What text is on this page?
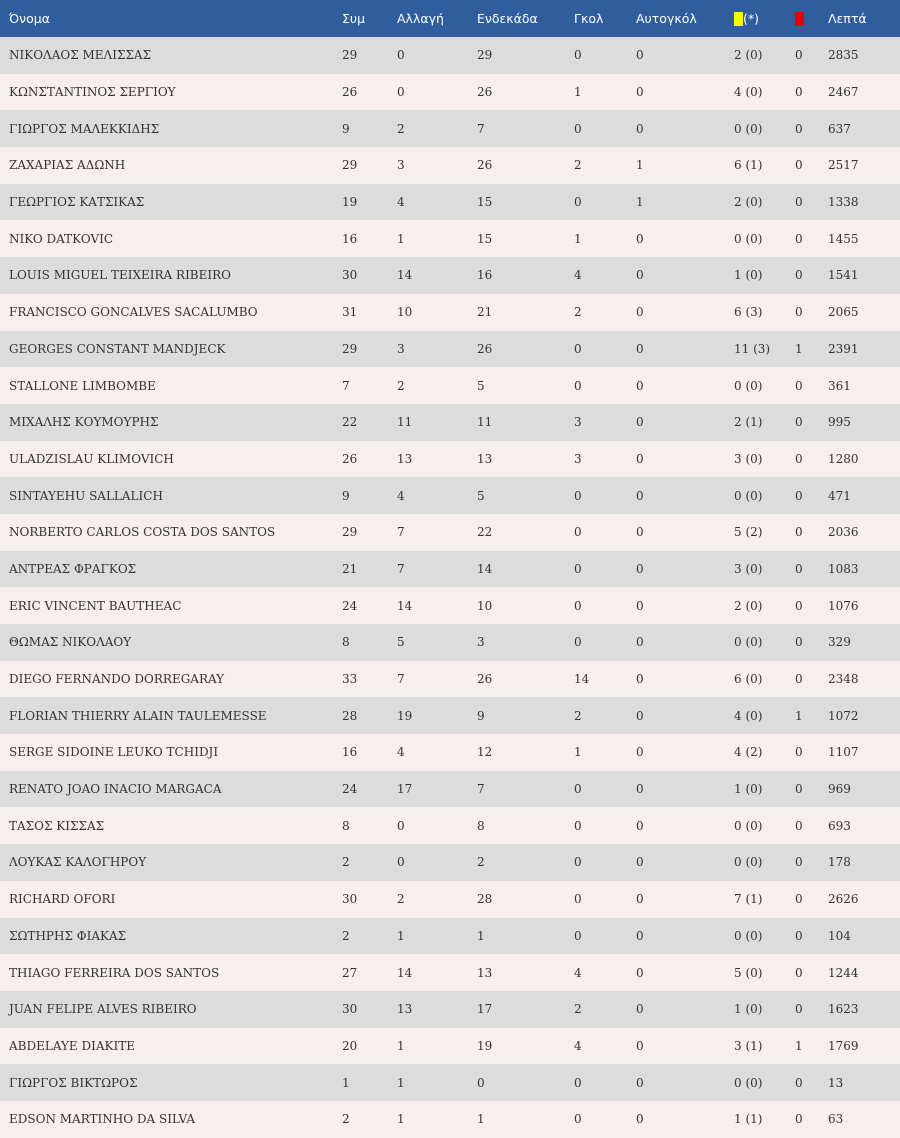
Όνομα	Συμ	Αλλαγή	Ενδεκάδα	Γκολ	Αυτογκόλ	(*)		Λεπτά
ΝΙΚΟΛΑΟΣ ΜΕΛΙΣΣΑΣ	29	0	29	0	0	2 (0)	0	2835
ΚΩΝΣΤΑΝΤΙΝΟΣ ΣΕΡΓΙΟΥ	26	0	26	1	0	4 (0)	0	2467
ΓΙΩΡΓΟΣ ΜΑΛΕΚΚΙΔΗΣ	9	2	7	0	0	0 (0)	0	637
ΖΑΧΑΡΙΑΣ ΑΔΩΝΗ	29	3	26	2	1	6 (1)	0	2517
ΓΕΩΡΓΙΟΣ ΚΑΤΣΙΚΑΣ	19	4	15	0	1	2 (0)	0	1338
NIKO DATKOVIC	16	1	15	1	0	0 (0)	0	1455
LOUIS MIGUEL TEIXEIRA RIBEIRO	30	14	16	4	0	1 (0)	0	1541
FRANCISCO GONCALVES SACALUMBO	31	10	21	2	0	6 (3)	0	2065
GEORGES CONSTANT MANDJECK	29	3	26	0	0	11 (3)	1	2391
STALLONE LIMBOMBE	7	2	5	0	0	0 (0)	0	361
ΜΙΧΑΛΗΣ ΚΟΥΜΟΥΡΗΣ	22	11	11	3	0	2 (1)	0	995
ULADZISLAU KLIMOVICH	26	13	13	3	0	3 (0)	0	1280
SINTAYEHU SALLALICH	9	4	5	0	0	0 (0)	0	471
NORBERTO CARLOS COSTA DOS SANTOS	29	7	22	0	0	5 (2)	0	2036
ΑΝΤΡΕΑΣ ΦΡΑΓΚΟΣ	21	7	14	0	0	3 (0)	0	1083
ERIC VINCENT BAUTHEAC	24	14	10	0	0	2 (0)	0	1076
ΘΩΜΑΣ ΝΙΚΟΛΑΟΥ	8	5	3	0	0	0 (0)	0	329
DIEGO FERNANDO DORREGARAY	33	7	26	14	0	6 (0)	0	2348
FLORIAN THIERRY ALAIN TAULEMESSE	28	19	9	2	0	4 (0)	1	1072
SERGE SIDOINE LEUKO TCHIDJI	16	4	12	1	0	4 (2)	0	1107
RENATO JOAO INACIO MARGACA	24	17	7	0	0	1 (0)	0	969
ΤΑΣΟΣ ΚΙΣΣΑΣ	8	0	8	0	0	0 (0)	0	693
ΛΟΥΚΑΣ ΚΑΛΟΓΗΡΟΥ	2	0	2	0	0	0 (0)	0	178
RICHARD OFORI	30	2	28	0	0	7 (1)	0	2626
ΣΩΤΗΡΗΣ ΦΙΑΚΑΣ	2	1	1	0	0	0 (0)	0	104
THIAGO FERREIRA DOS SANTOS	27	14	13	4	0	5 (0)	0	1244
JUAN FELIPE ALVES RIBEIRO	30	13	17	2	0	1 (0)	0	1623
ABDELAYE DIAKITE	20	1	19	4	0	3 (1)	1	1769
ΓΙΩΡΓΟΣ ΒΙΚΤΩΡΟΣ	1	1	0	0	0	0 (0)	0	13
EDSON MARTINHO DA SILVA	2	1	1	0	0	1 (1)	0	63
